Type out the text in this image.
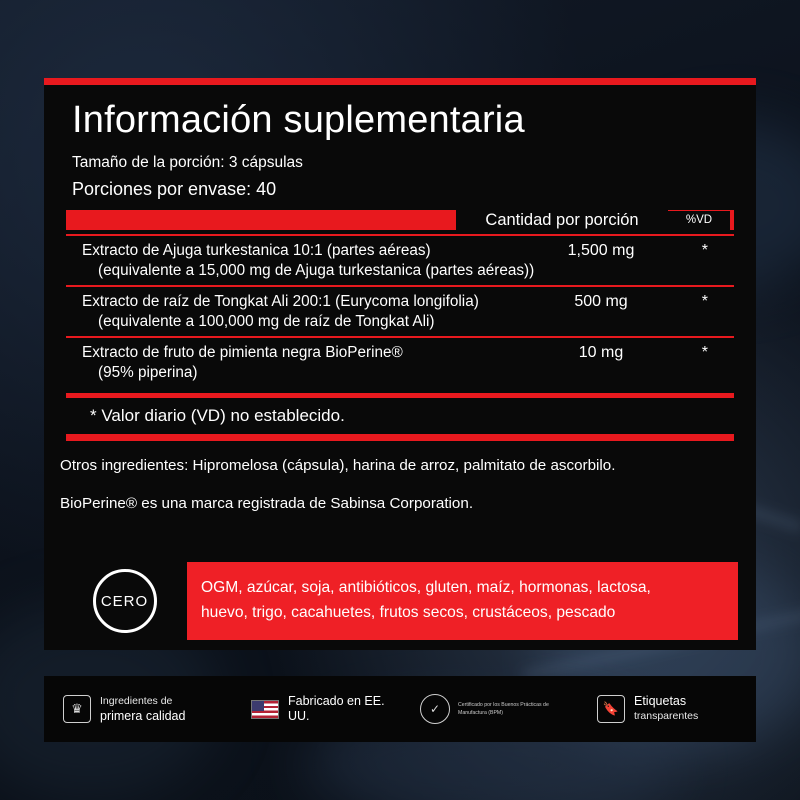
Información suplementaria
Tamaño de la porción: 3 cápsulas
Porciones por envase: 40
Cantidad por porción	%VD
Extracto de Ajuga turkestanica 10:1 (partes aéreas)
(equivalente a 15,000 mg de Ajuga turkestanica (partes aéreas))
1,500 mg	*
Extracto de raíz de Tongkat Ali 200:1 (Eurycoma longifolia)
(equivalente a 100,000 mg de raíz de Tongkat Ali)
500 mg	*
Extracto de fruto de pimienta negra BioPerine®
(95% piperina)
10 mg	*
* Valor diario (VD) no establecido.
Otros ingredientes: Hipromelosa (cápsula), harina de arroz, palmitato de ascorbilo.
BioPerine® es una marca registrada de Sabinsa Corporation.
CERO
OGM, azúcar, soja, antibióticos, gluten, maíz, hormonas, lactosa,
huevo, trigo, cacahuetes, frutos secos, crustáceos, pescado
♛	Ingredientes de
primera calidad
Fabricado en EE.
UU.	✓	Certificado por los Buenos Prácticas de Manufactura (BPM)	🔖	Etiquetas
transparentes
